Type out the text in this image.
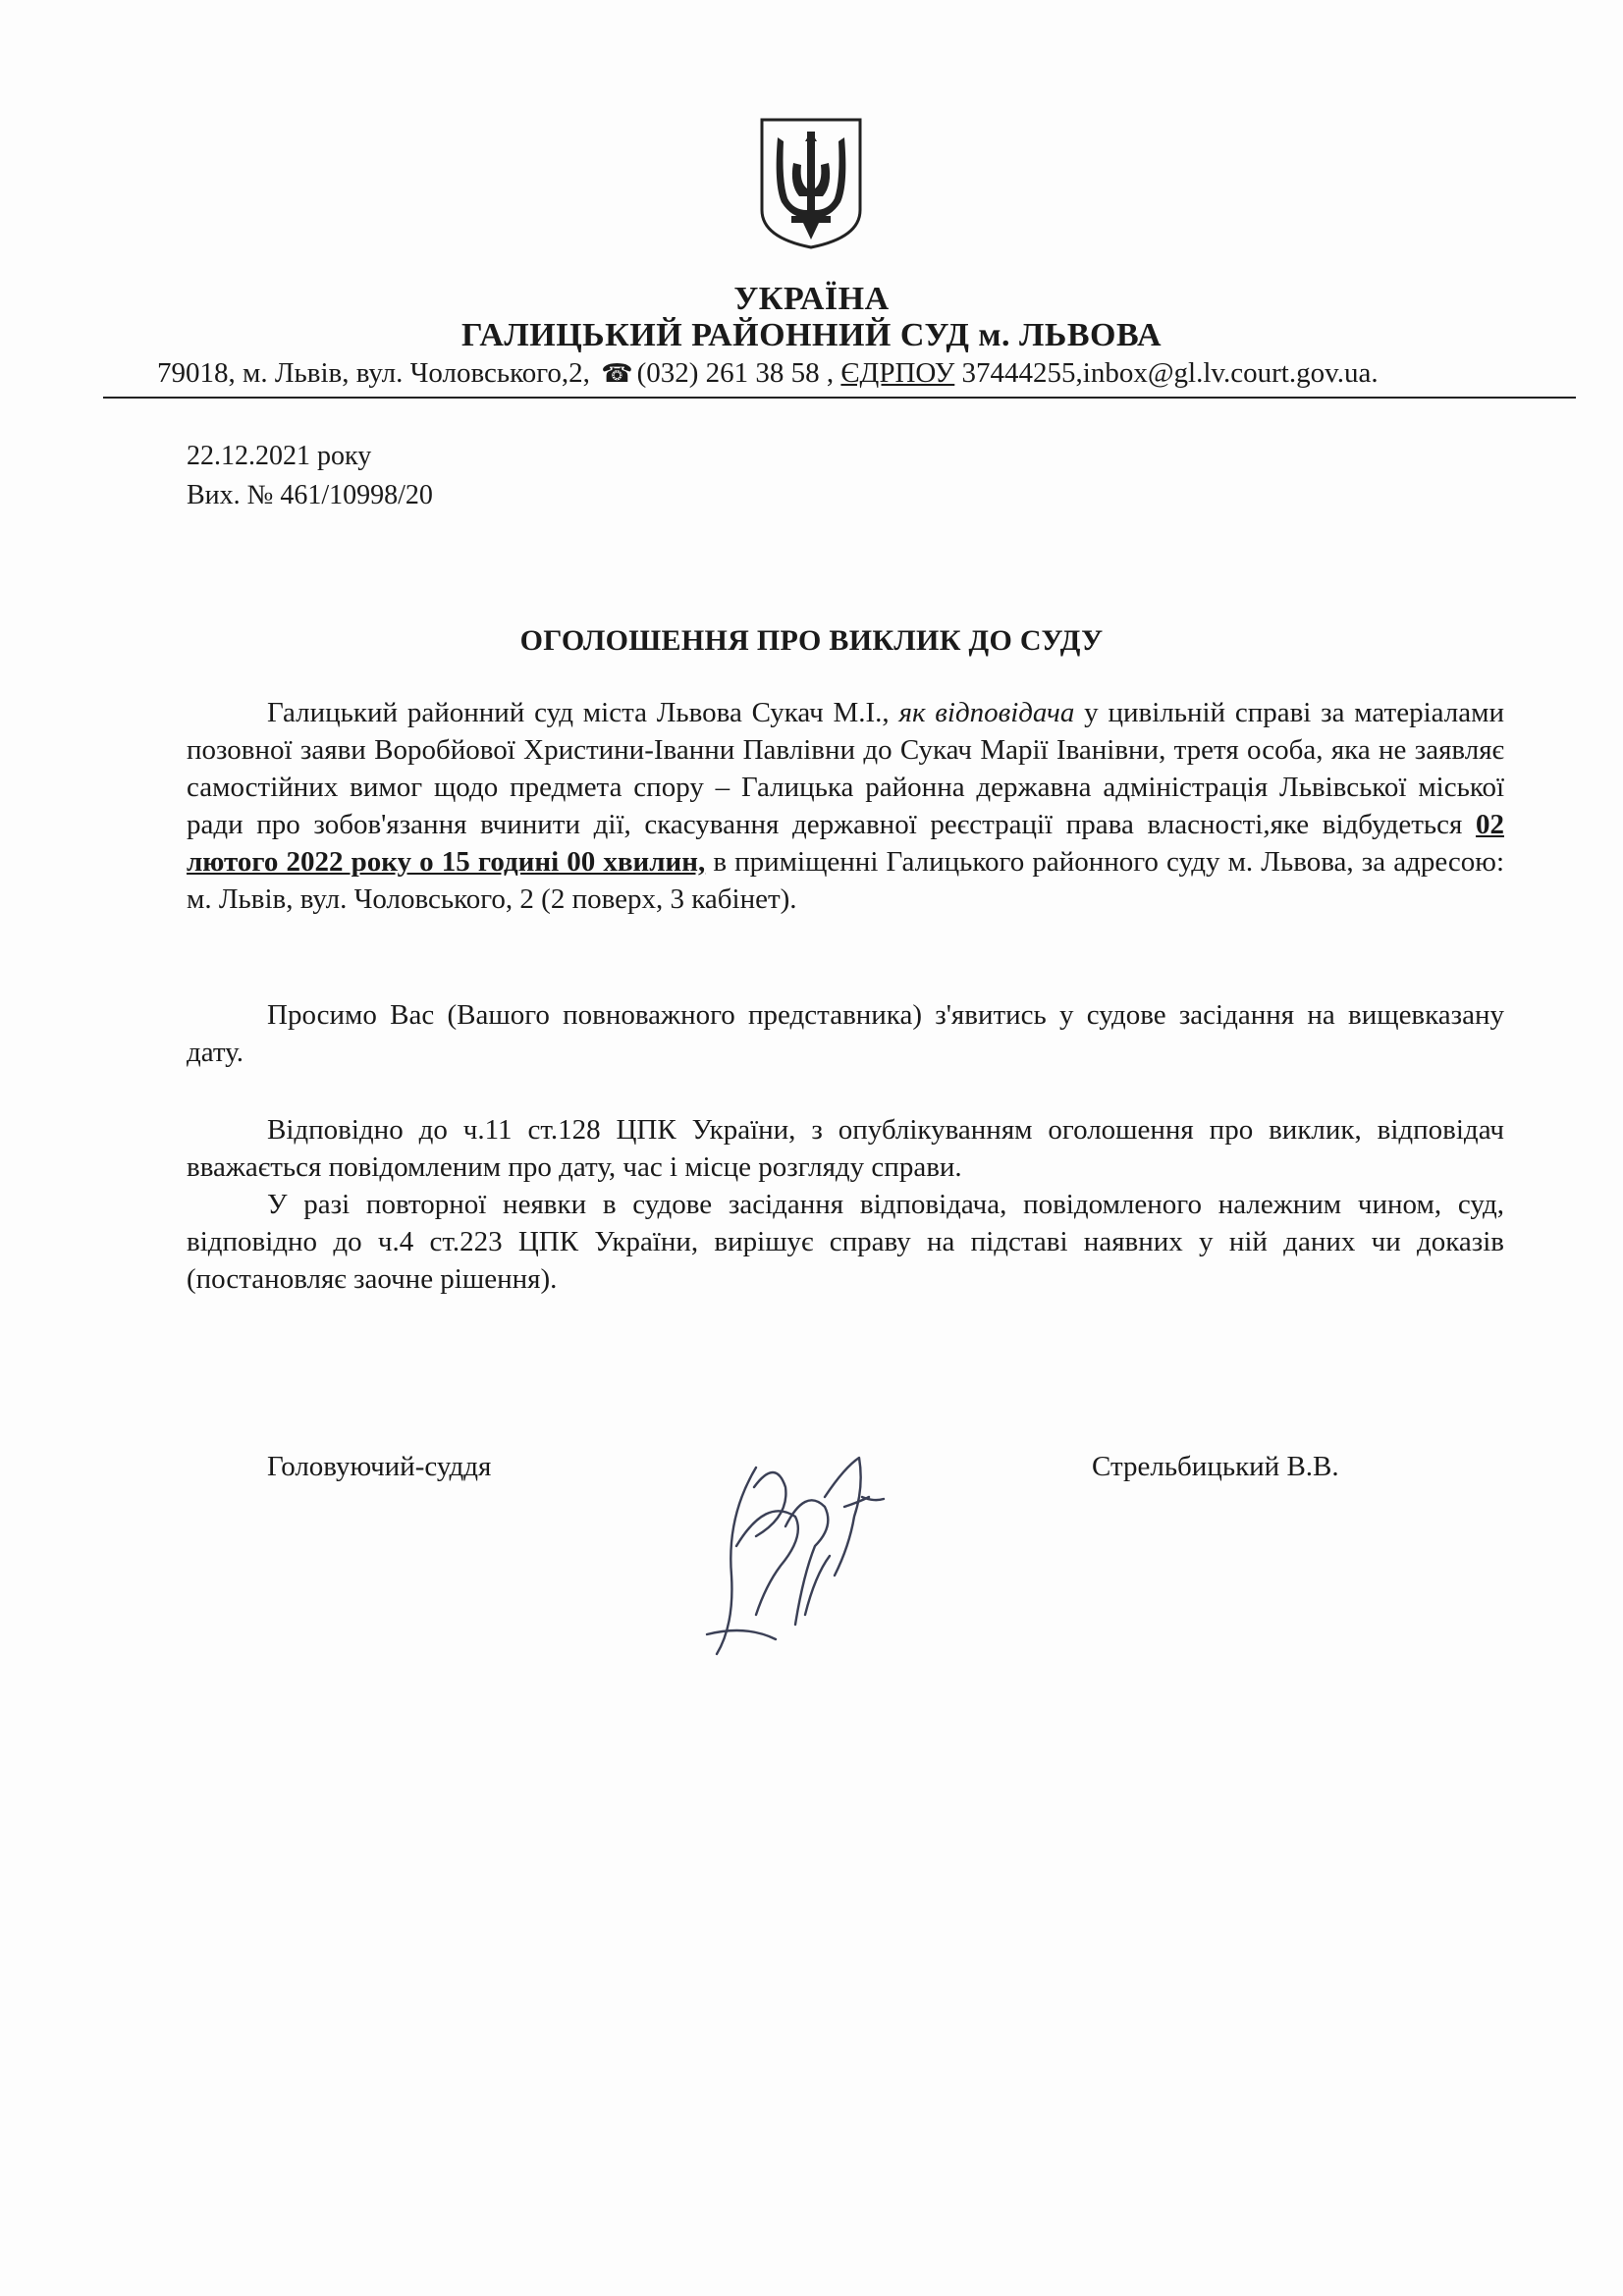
УКРАЇНА
ГАЛИЦЬКИЙ РАЙОННИЙ СУД м. ЛЬВОВА
79018, м. Львів, вул. Чоловського,2, ☎ (032) 261 38 58 , ЄДРПОУ 37444255,inbox@gl.lv.court.gov.ua.
22.12.2021 року
Вих. № 461/10998/20
ОГОЛОШЕННЯ ПРО ВИКЛИК ДО СУДУ

Галицький районний суд міста Львова Сукач М.І., як відповідача у цивільній справі за матеріалами позовної заяви Воробйової Христини-Іванни Павлівни до Сукач Марії Іванівни, третя особа, яка не заявляє самостійних вимог щодо предмета спору – Галицька районна державна адміністрація Львівської міської ради про зобов'язання вчинити дії, скасування державної реєстрації права власності,яке відбудеться 02 лютого 2022 року о 15 годині 00 хвилин, в приміщенні Галицького районного суду м. Львова, за адресою: м. Львів, вул. Чоловського, 2 (2 поверх, 3 кабінет).

Просимо Вас (Вашого повноважного представника) з'явитись у судове засідання на вищевказану дату.

Відповідно до ч.11 ст.128 ЦПК України, з опублікуванням оголошення про виклик, відповідач вважається повідомленим про дату, час і місце розгляду справи.

У разі повторної неявки в судове засідання відповідача, повідомленого належним чином, суд, відповідно до ч.4 ст.223 ЦПК України, вирішує справу на підставі наявних у ній даних чи доказів (постановляє заочне рішення).

Головуючий-суддя	Стрельбицький В.В.
